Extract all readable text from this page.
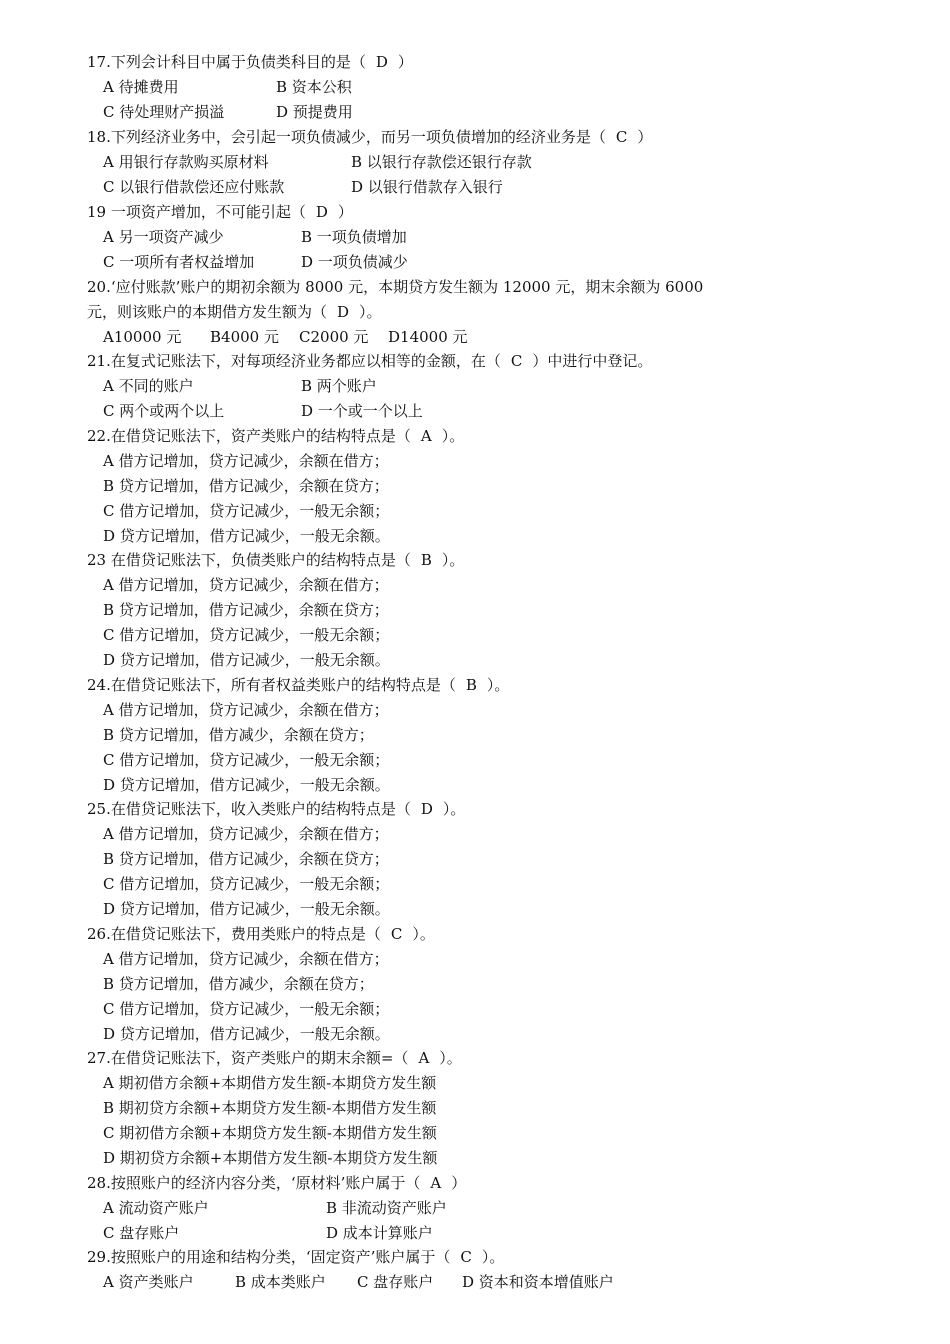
17.下列会计科目中属于负债类科目的是（ D ）
A 待摊费用	B 资本公积
C 待处理财产损溢	D 预提费用
18.下列经济业务中，会引起一项负债减少，而另一项负债增加的经济业务是（ C ）
A 用银行存款购买原材料	B 以银行存款偿还银行存款
C 以银行借款偿还应付账款	D 以银行借款存入银行
19 一项资产增加，不可能引起（ D ）
A 另一项资产减少	B 一项负债增加
C 一项所有者权益增加	D 一项负债减少
20.‘应付账款’账户的期初余额为 8000 元，本期贷方发生额为 12000 元，期末余额为 6000
元，则该账户的本期借方发生额为（ D ）。
A10000 元 B4000 元 C2000 元 D14000 元
21.在复式记账法下，对每项经济业务都应以相等的金额，在（ C ）中进行中登记。
A 不同的账户	B 两个账户
C 两个或两个以上	D 一个或一个以上
22.在借贷记账法下，资产类账户的结构特点是（ A ）。
A 借方记增加，贷方记减少，余额在借方；
B 贷方记增加，借方记减少，余额在贷方；
C 借方记增加，贷方记减少，一般无余额；
D 贷方记增加，借方记减少，一般无余额。
23 在借贷记账法下，负债类账户的结构特点是（ B ）。
A 借方记增加，贷方记减少，余额在借方；
B 贷方记增加，借方记减少，余额在贷方；
C 借方记增加，贷方记减少，一般无余额；
D 贷方记增加，借方记减少，一般无余额。
24.在借贷记账法下，所有者权益类账户的结构特点是（ B ）。
A 借方记增加，贷方记减少，余额在借方；
B 贷方记增加，借方减少，余额在贷方；
C 借方记增加，贷方记减少，一般无余额；
D 贷方记增加，借方记减少，一般无余额。
25.在借贷记账法下，收入类账户的结构特点是（ D ）。
A 借方记增加，贷方记减少，余额在借方；
B 贷方记增加，借方记减少，余额在贷方；
C 借方记增加，贷方记减少，一般无余额；
D 贷方记增加，借方记减少，一般无余额。
26.在借贷记账法下，费用类账户的特点是（ C ）。
A 借方记增加，贷方记减少，余额在借方；
B 贷方记增加，借方减少，余额在贷方；
C 借方记增加，贷方记减少，一般无余额；
D 贷方记增加，借方记减少，一般无余额。
27.在借贷记账法下，资产类账户的期末余额=（ A ）。
A 期初借方余额+本期借方发生额-本期贷方发生额
B 期初贷方余额+本期贷方发生额-本期借方发生额
C 期初借方余额+本期贷方发生额-本期借方发生额
D 期初贷方余额+本期借方发生额-本期贷方发生额
28.按照账户的经济内容分类，‘原材料’账户属于（ A ）
A 流动资产账户	B 非流动资产账户
C 盘存账户	D 成本计算账户
29.按照账户的用途和结构分类，‘固定资产’账户属于（ C ）。
A 资产类账户	B 成本类账户 C 盘存账户 D 资本和资本增值账户
